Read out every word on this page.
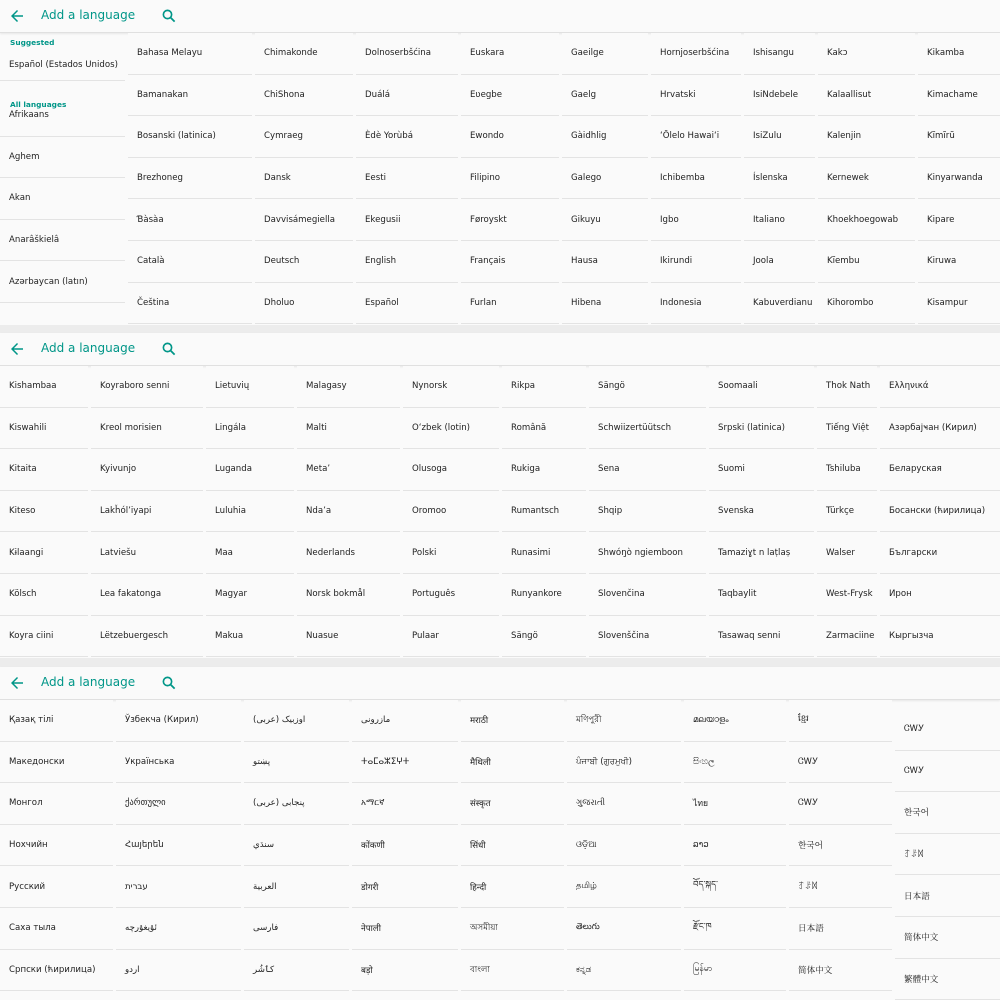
Add a language
Español (Estados Unidos)
Afrikaans
Aghem
Akan
Anarâškielâ
Azərbaycan (latın)
Bahasa Melayu
Bamanakan
Bosanski (latinica)
Brezhoneg
Ɓàsàa
Català
Čeština
Chimakonde
ChiShona
Cymraeg
Dansk
Davvisámegiella
Deutsch
Dholuo
Dolnoserbšćina
Duálá
Èdè Yorùbá
Eesti
Ekegusii
English
Español
Euskara
Eʋegbe
Ewondo
Filipino
Føroyskt
Français
Furlan
Gaeilge
Gaelg
Gàidhlig
Galego
Gikuyu
Hausa
Hibena
Hornjoserbšćina
Hrvatski
ʻŌlelo Hawaiʻi
Ichibemba
Igbo
Ikirundi
Indonesia
Ishisangu
IsiNdebele
IsiZulu
Íslenska
Italiano
Joola
Kabuverdianu
Kakɔ
Kalaallisut
Kalenjin
Kernewek
Khoekhoegowab
Kĩembu
Kihorombo
Kikamba
Kimachame
Kĩmĩrũ
Kinyarwanda
Kipare
Kiruwa
Kisampur
Suggested
All languages
Add a language
Kishambaa
Kiswahili
Kitaita
Kiteso
Kɨlaangi
Kölsch
Koyra ciini
Koyraboro senni
Kreol morisien
Kyivunjo
Lakȟólʼiyapi
Latviešu
Lea fakatonga
Lëtzebuergesch
Lietuvių
Lingála
Luganda
Luluhia
Maa
Magyar
Makua
Malagasy
Malti
Metaʼ
Ndaʼa
Nederlands
Norsk bokmål
Nuasue
Nynorsk
Oʻzbek (lotin)
Olusoga
Oromoo
Polski
Português
Pulaar
Rikpa
Română
Rukiga
Rumantsch
Runasimi
Runyankore
Sängö
Sängö
Schwiizertüütsch
Sena
Shqip
Shwóŋò ngiemboon
Slovenčina
Slovenščina
Soomaali
Srpski (latinica)
Suomi
Svenska
Tamaziɣt n laṭlaṣ
Taqbaylit
Tasawaq senni
Thok Nath
Tiếng Việt
Tshiluba
Türkçe
Walser
West-Frysk
Zarmaciine
Ελληνικά
Азәрбајҹан (Кирил)
Беларуская
Босански (ћирилица)
Български
Ирон
Кыргызча
Add a language
Қазақ тілі
Македонски
Монгол
Нохчийн
Русский
Саха тыла
Српски (ћирилица)
Ўзбекча (Кирил)
Українська
ქართული
Հայերեն
עברית
ئۇيغۇرچە
اردو
اوزبیک (عربی)
پښتو
پنجابی (عربی)
سنڌي
العربية
فارسی
کٲشُر
مازرونی
ⵜⴰⵎⴰⵣⵉⵖⵜ
አማርኛ
कोंकणी
डोगरी
नेपाली
बड़ो
मराठी
मैथिली
संस्कृत
सिंधी
हिन्दी
অসমীয়া
বাংলা
মণিপুরী
ਪੰਜਾਬੀ (ਗੁਰਮੁਖੀ)
ગુજરાતી
ଓଡ଼ିଆ
தமிழ்
తెలుగు
ಕನ್ನಡ
മലയാളം
සිංහල
ไทย
ລາວ
བོད་སྐད་
རྫོང་ཁ
မြန်မာ
ខ្មែរ
ᏣᎳᎩ
ᏣᎳᎩ
한국어
ꆈꌠꉙ
日本語
简体中文
ᏣᎳᎩ
ᏣᎳᎩ
한국어
ꆈꌠꉙ
日本語
简体中文
繁體中文
